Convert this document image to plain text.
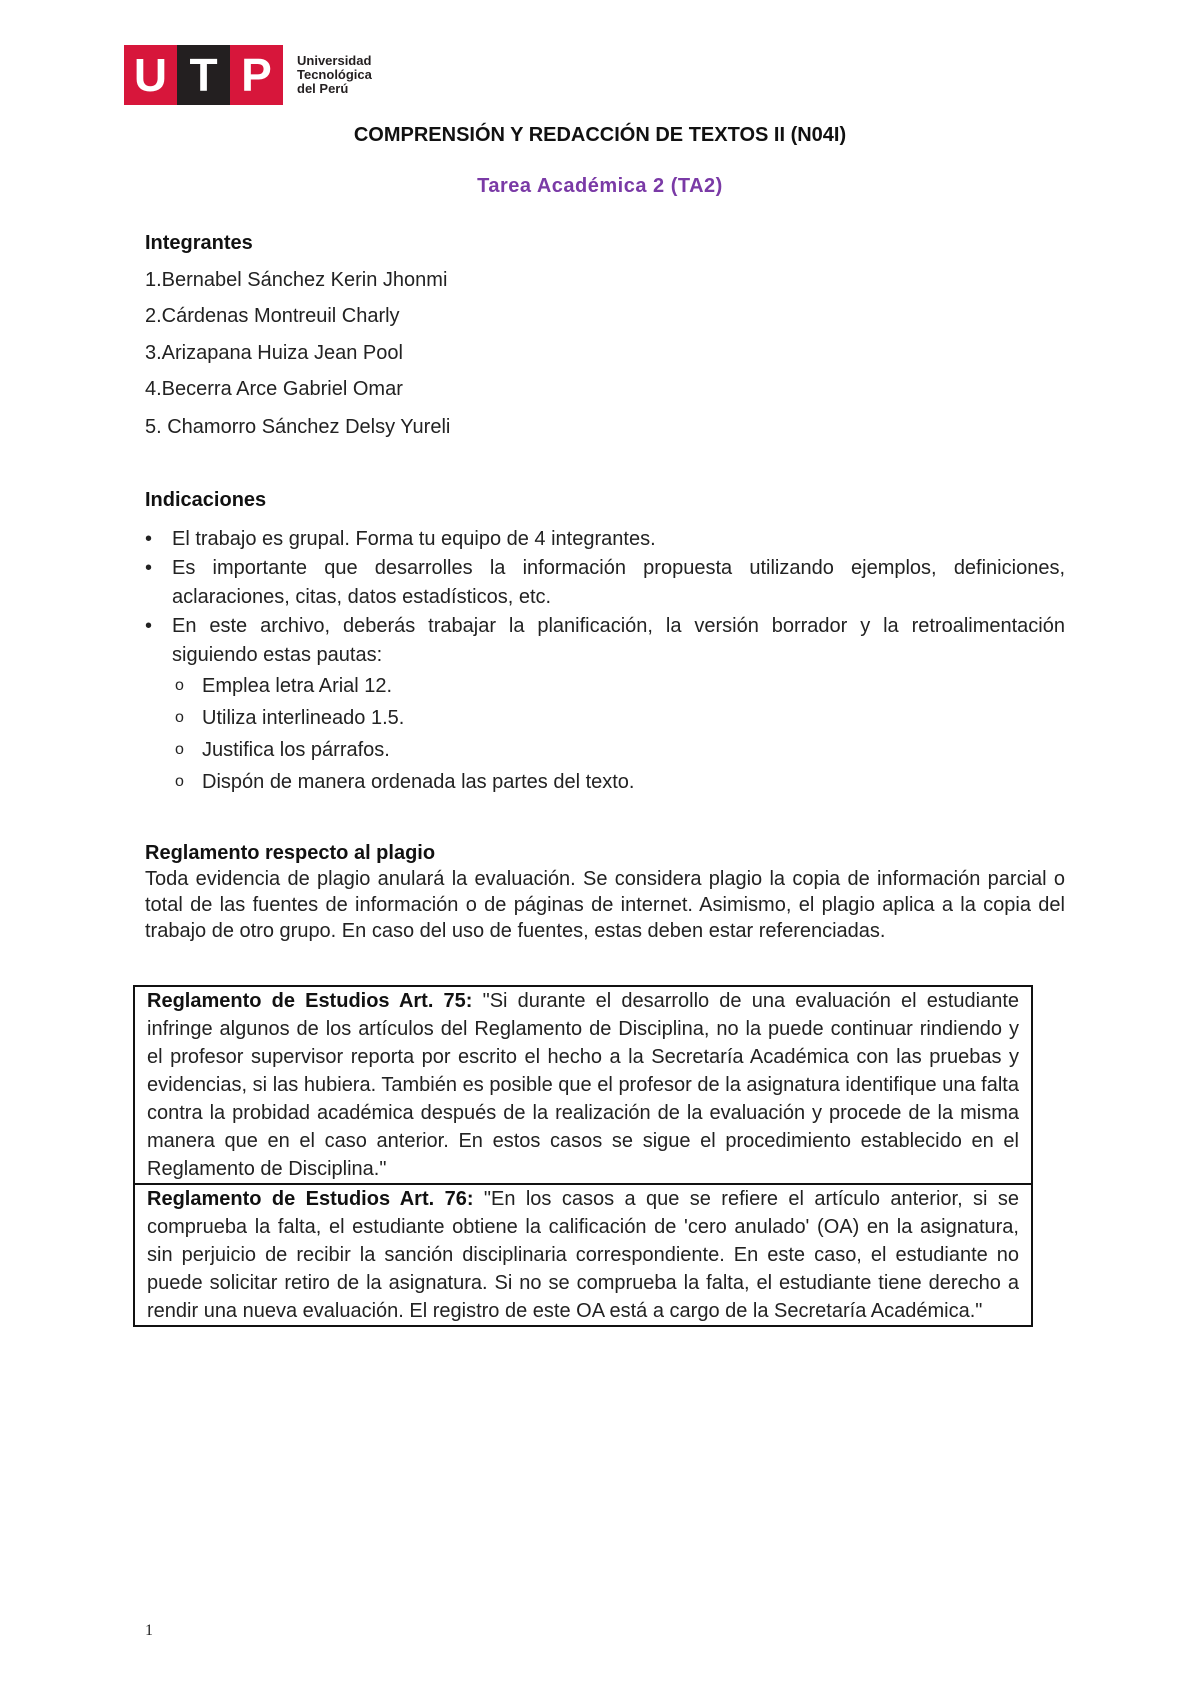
U T P	Universidad
Tecnológica
del Perú
COMPRENSIÓN Y REDACCIÓN DE TEXTOS II (N04I)
Tarea Académica 2 (TA2)
Integrantes
1.Bernabel Sánchez Kerin Jhonmi
2.Cárdenas Montreuil Charly
3.Arizapana Huiza Jean Pool
4.Becerra Arce Gabriel Omar
5. Chamorro Sánchez Delsy Yureli
Indicaciones
• El trabajo es grupal. Forma tu equipo de 4 integrantes.
• Es importante que desarrolles la información propuesta utilizando ejemplos, definiciones, aclaraciones, citas, datos estadísticos, etc.
• En este archivo, deberás trabajar la planificación, la versión borrador y la retroalimentación siguiendo estas pautas:
o Emplea letra Arial 12.
o Utiliza interlineado 1.5.
o Justifica los párrafos.
o Dispón de manera ordenada las partes del texto.
Reglamento respecto al plagio
Toda evidencia de plagio anulará la evaluación. Se considera plagio la copia de información parcial o total de las fuentes de información o de páginas de internet. Asimismo, el plagio aplica a la copia del trabajo de otro grupo. En caso del uso de fuentes, estas deben estar referenciadas.
Reglamento de Estudios Art. 75: "Si durante el desarrollo de una evaluación el estudiante infringe algunos de los artículos del Reglamento de Disciplina, no la puede continuar rindiendo y el profesor supervisor reporta por escrito el hecho a la Secretaría Académica con las pruebas y evidencias, si las hubiera. También es posible que el profesor de la asignatura identifique una falta contra la probidad académica después de la realización de la evaluación y procede de la misma manera que en el caso anterior. En estos casos se sigue el procedimiento establecido en el Reglamento de Disciplina."
Reglamento de Estudios Art. 76: "En los casos a que se refiere el artículo anterior, si se comprueba la falta, el estudiante obtiene la calificación de 'cero anulado' (OA) en la asignatura, sin perjuicio de recibir la sanción disciplinaria correspondiente. En este caso, el estudiante no puede solicitar retiro de la asignatura. Si no se comprueba la falta, el estudiante tiene derecho a rendir una nueva evaluación. El registro de este OA está a cargo de la Secretaría Académica."
1
